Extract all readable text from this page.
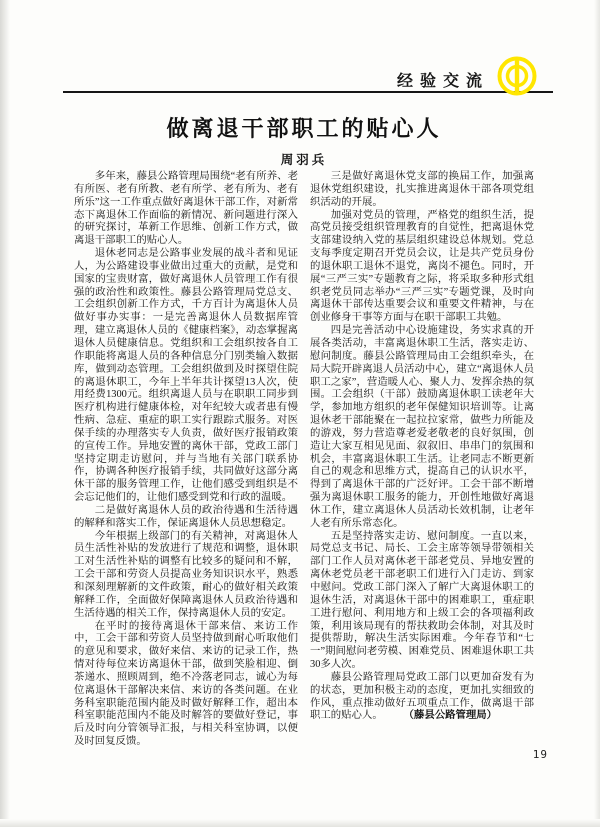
经验交流
做离退干部职工的贴心人
周羽兵

多年来，藤县公路管理局围绕“老有所养、老有所医、老有所教、老有所学、老有所为、老有所乐”这一工作重点做好离退休干部工作，对新常态下离退休工作面临的新情况、新问题进行深入的研究探讨，革新工作思维、创新工作方式，做离退干部职工的贴心人。

退休老同志是公路事业发展的战斗者和见证人，为公路建设事业做出过重大的贡献，是党和国家的宝贵财富，做好离退休人员管理工作有很强的政治性和政策性。藤县公路管理局党总支、工会组织创新工作方式，千方百计为离退休人员做好事办实事：一是完善离退休人员数据库管理，建立离退休人员的《健康档案》，动态掌握离退休人员健康信息。党组织和工会组织按各自工作职能将离退人员的各种信息分门别类输入数据库，做到动态管理。工会组织做到及时探望住院的离退休职工，今年上半年共计探望13人次，使用经费1300元。组织离退人员与在职职工同步到医疗机构进行健康体检，对年纪较大或者患有慢性病、急症、重症的职工实行跟踪式服务。对医保手续的办理落实专人负责，做好医疗报销政策的宣传工作。异地安置的离休干部，党政工部门坚持定期走访慰问，并与当地有关部门联系协作，协调各种医疗报销手续，共同做好这部分离休干部的服务管理工作，让他们感受到组织是不会忘记他们的，让他们感受到党和行政的温暖。

二是做好离退休人员的政治待遇和生活待遇的解释和落实工作，保证离退休人员思想稳定。

今年根据上级部门的有关精神，对离退休人员生活性补贴的发放进行了规范和调整，退休职工对生活性补贴的调整有比较多的疑问和不解，工会干部和劳资人员提高业务知识识水平，熟悉和深刻理解新的文件政策，耐心的做好相关政策解释工作，全面做好保障离退休人员政治待遇和生活待遇的相关工作，保持离退休人员的安定。

在平时的接待离退休干部来信、来访工作中，工会干部和劳资人员坚持做到耐心听取他们的意见和要求，做好来信、来访的记录工作，热情对待每位来访离退休干部，做到笑脸相迎、倒茶递水、照顾周到，绝不冷落老同志，诚心为每位离退休干部解决来信、来访的各类问题。在业务科室职能范围内能及时做好解释工作，超出本科室职能范围内不能及时解答的要做好登记，事后及时向分管领导汇报，与相关科室协调，以便及时回复反馈。

三是做好离退休党支部的换届工作，加强离退休党组织建设，扎实推进离退休干部各项党组织活动的开展。

加强对党员的管理，严格党的组织生活，提高党员接受组织管理教育的自觉性，把离退休党支部建设纳入党的基层组织建设总体规划。党总支每季度定期召开党员会议，让是共产党员身份的退休职工退休不退党，离岗不褪色。同时，开展“三严三实”专题教育之际，将采取多种形式组织老党员同志举办“三严三实”专题党课，及时向离退休干部传达重要会议和重要文件精神，与在创业修身干事等方面与在职干部职工共勉。

四是完善活动中心设施建设，务实求真的开展各类活动，丰富离退休职工生活，落实走访、慰问制度。藤县公路管理局由工会组织牵头，在局大院开辟离退人员活动中心，建立“离退休人员职工之家”，营造暖人心、聚人力、发挥余热的氛围。工会组织（干部）鼓励离退休职工读老年大学，参加地方组织的老年保健知识培训等。让离退休老干部能聚在一起拉拉家常，做些力所能及的游戏，努力营造尊老爱老敬老的良好氛围，创造让大家互相见见面、叙叙旧、串串门的氛围和机会，丰富离退休职工生活。让老同志不断更新自己的观念和思维方式，提高自己的认识水平，得到了离退休干部的广泛好评。工会干部不断增强为离退休职工服务的能力，开创性地做好离退休工作，建立离退休人员活动长效机制，让老年人老有所乐常态化。

五是坚持落实走访、慰问制度。一直以来，局党总支书记、局长、工会主席等领导带领相关部门工作人员对离休老干部老党员、异地安置的离休老党员老干部老职工们进行入门走访、到家中慰问。党政工部门深入了解广大离退休职工的退休生活，对离退休干部中的困难职工，重症职工进行慰问、利用地方和上级工会的各项福利政策，利用该局现有的帮扶救助会体制，对其及时提供帮助，解决生活实际困难。今年春节和“七一”期间慰问老劳模、困难党员、困难退休职工共30多人次。

藤县公路管理局党政工部门以更加奋发有为的状态，更加积极主动的态度，更加扎实细致的作风，重点推动做好五项重点工作，做离退干部职工的贴心人。	（藤县公路管理局）

19
